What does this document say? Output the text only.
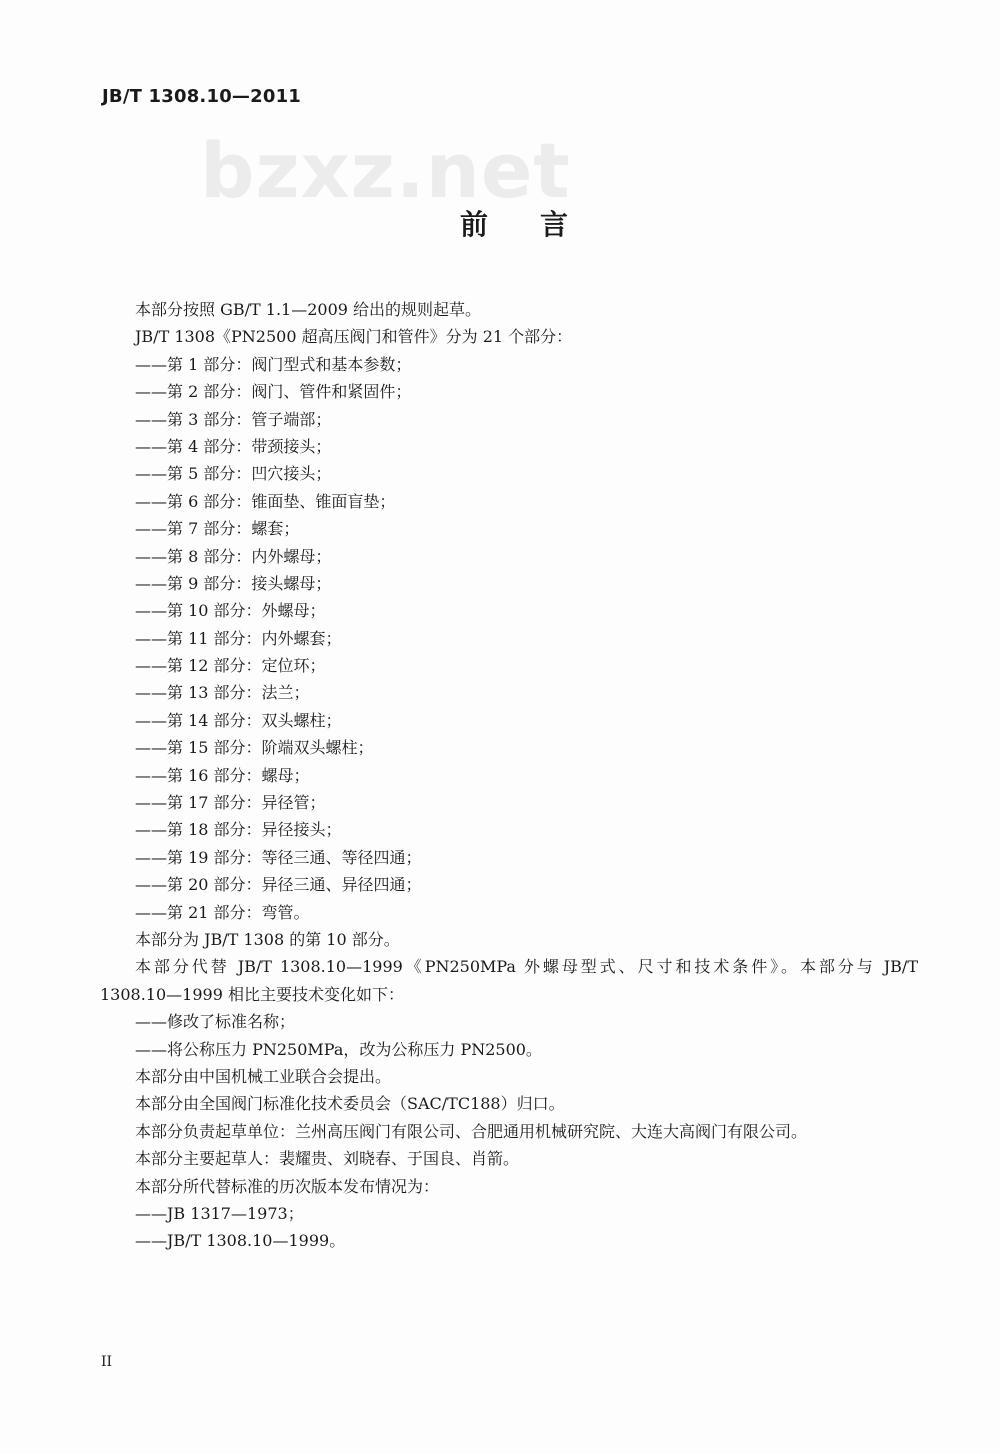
JB/T 1308.10—2011
bzxz.net
前言
本部分按照 GB/T 1.1—2009 给出的规则起草。
JB/T 1308《PN2500 超高压阀门和管件》分为 21 个部分：
——第 1 部分：阀门型式和基本参数；
——第 2 部分：阀门、管件和紧固件；
——第 3 部分：管子端部；
——第 4 部分：带颈接头；
——第 5 部分：凹穴接头；
——第 6 部分：锥面垫、锥面盲垫；
——第 7 部分：螺套；
——第 8 部分：内外螺母；
——第 9 部分：接头螺母；
——第 10 部分：外螺母；
——第 11 部分：内外螺套；
——第 12 部分：定位环；
——第 13 部分：法兰；
——第 14 部分：双头螺柱；
——第 15 部分：阶端双头螺柱；
——第 16 部分：螺母；
——第 17 部分：异径管；
——第 18 部分：异径接头；
——第 19 部分：等径三通、等径四通；
——第 20 部分：异径三通、异径四通；
——第 21 部分：弯管。
本部分为 JB/T 1308 的第 10 部分。
本部分代替 JB/T 1308.10—1999《PN250MPa 外螺母型式、尺寸和技术条件》。本部分与 JB/T
1308.10—1999 相比主要技术变化如下：
——修改了标准名称；
——将公称压力 PN250MPa，改为公称压力 PN2500。
本部分由中国机械工业联合会提出。
本部分由全国阀门标准化技术委员会（SAC/TC188）归口。
本部分负责起草单位：兰州高压阀门有限公司、合肥通用机械研究院、大连大高阀门有限公司。
本部分主要起草人：裴耀贵、刘晓春、于国良、肖箭。
本部分所代替标准的历次版本发布情况为：
——JB 1317—1973；
——JB/T 1308.10—1999。
II
